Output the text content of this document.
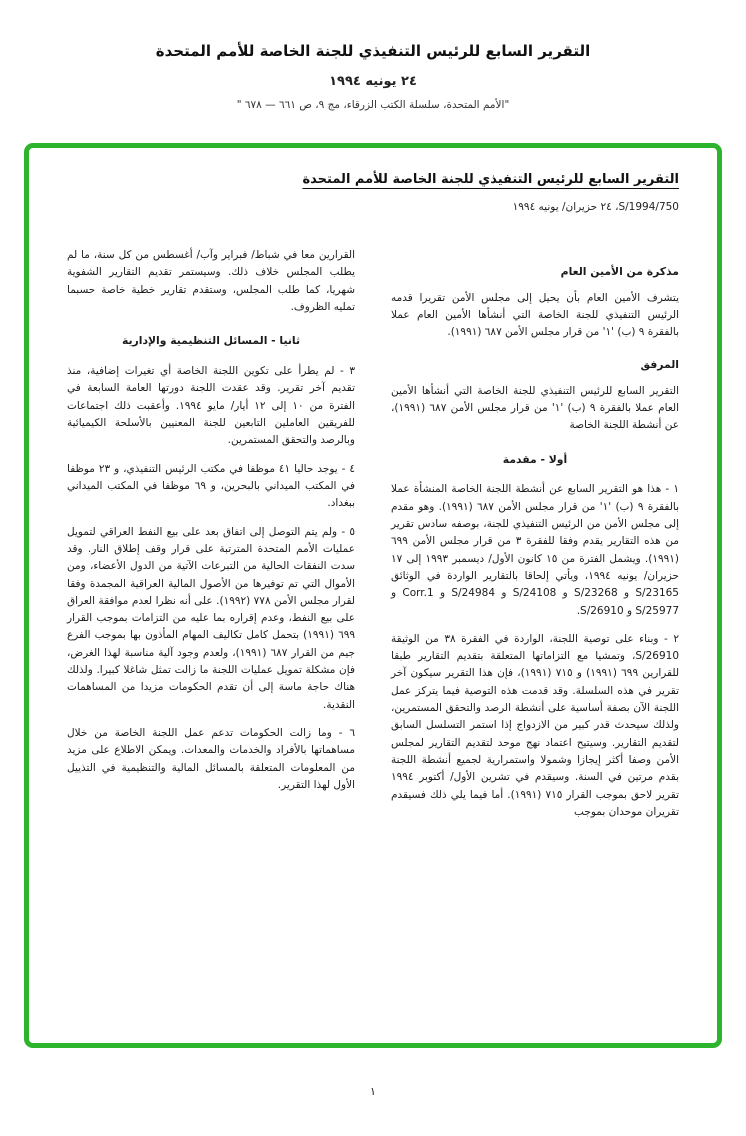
التقرير السابع للرئيس التنفيذي للجنة الخاصة للأمم المتحدة
٢٤ يونيه ١٩٩٤
"الأمم المتحدة، سلسلة الكتب الزرقاء، مج ٩، ص ٦٦١ — ٦٧٨ "
التقرير السابع للرئيس التنفيذي للجنة الخاصة للأمم المتحدة
S/1994/750، ٢٤ حزيران/ يونيه ١٩٩٤
مذكرة من الأمين العام

يتشرف الأمين العام بأن يحيل إلى مجلس الأمن تقريرا قدمه الرئيس التنفيذي للجنة الخاصة التي أنشأها الأمين العام عملا بالفقرة ٩ (ب) '١' من قرار مجلس الأمن ٦٨٧ (١٩٩١).

المرفق

التقرير السابع للرئيس التنفيذي للجنة الخاصة التي أنشأها الأمين العام عملا بالفقرة ٩ (ب) '١' من قرار مجلس الأمن ٦٨٧ (١٩٩١)، عن أنشطة اللجنة الخاصة

أولا - مقدمة

١ - هذا هو التقرير السابع عن أنشطة اللجنة الخاصة المنشأة عملا بالفقرة ٩ (ب) '١' من قرار مجلس الأمن ٦٨٧ (١٩٩١). وهو مقدم إلى مجلس الأمن من الرئيس التنفيذي للجنة، بوصفه سادس تقرير من هذه التقارير يقدم وفقا للفقرة ٣ من قرار مجلس الأمن ٦٩٩ (١٩٩١). ويشمل الفترة من ١٥ كانون الأول/ ديسمبر ١٩٩٣ إلى ١٧ حزيران/ يونيه ١٩٩٤، ويأتي إلحاقا بالتقارير الواردة في الوثائق S/23165 و S/23268 و S/24108 و S/24984 و Corr.1 و S/25977 و S/26910.

٢ - وبناء على توصية اللجنة، الواردة في الفقرة ٣٨ من الوثيقة S/26910، وتمشيا مع التزاماتها المتعلقة بتقديم التقارير طبقا للقرارين ٦٩٩ (١٩٩١) و ٧١٥ (١٩٩١)، فإن هذا التقرير سيكون آخر تقرير في هذه السلسلة. وقد قدمت هذه التوصية فيما يتركز عمل اللجنة الآن بصفة أساسية على أنشطة الرصد والتحقق المستمرين، ولذلك سيحدث قدر كبير من الازدواج إذا استمر التسلسل السابق لتقديم التقارير. وسيتيح اعتماد نهج موحد لتقديم التقارير لمجلس الأمن وصفا أكثر إيجازا وشمولا واستمرارية لجميع أنشطة اللجنة بقدم مرتين في السنة. وسيقدم في تشرين الأول/ أكتوبر ١٩٩٤ تقرير لاحق بموجب القرار ٧١٥ (١٩٩١). أما فيما يلي ذلك فسيقدم تقريران موحدان بموجب

القرارين معا في شباط/ فبراير وآب/ أغسطس من كل سنة، ما لم يطلب المجلس خلاف ذلك. وسيستمر تقديم التقارير الشفوية شهريا، كما طلب المجلس، وستقدم تقارير خطية خاصة حسبما تمليه الظروف.

ثانيا - المسائل التنظيمية والإدارية

٣ - لم يطرأ على تكوين اللجنة الخاصة أي تغيرات إضافية، منذ تقديم آخر تقرير. وقد عقدت اللجنة دورتها العامة السابعة في الفترة من ١٠ إلى ١٢ أيار/ مايو ١٩٩٤. وأعقبت ذلك اجتماعات للفريقين العاملين التابعين للجنة المعنيين بالأسلحة الكيميائية وبالرصد والتحقق المستمرين.

٤ - يوجد حاليا ٤١ موظفا في مكتب الرئيس التنفيذي، و ٢٣ موظفا في المكتب الميداني بالبحرين، و ٦٩ موظفا في المكتب الميداني ببغداد.

٥ - ولم يتم التوصل إلى اتفاق بعد على بيع النفط العراقي لتمويل عمليات الأمم المتحدة المترتبة على قرار وقف إطلاق النار. وقد سدت النفقات الحالية من التبرعات الآتية من الدول الأعضاء، ومن الأموال التي تم توفيرها من الأصول المالية العراقية المجمدة وفقا لقرار مجلس الأمن ٧٧٨ (١٩٩٢). على أنه نظرا لعدم موافقة العراق على بيع النفط، وعدم إقراره بما عليه من التزامات بموجب القرار ٦٩٩ (١٩٩١) بتحمل كامل تكاليف المهام المأذون بها بموجب الفرع جيم من القرار ٦٨٧ (١٩٩١)، ولعدم وجود آلية مناسبة لهذا الغرض، فإن مشكلة تمويل عمليات اللجنة ما زالت تمثل شاغلا كبيرا. ولذلك هناك حاجة ماسة إلى أن تقدم الحكومات مزيدا من المساهمات النقدية.

٦ - وما زالت الحكومات تدعم عمل اللجنة الخاصة من خلال مساهماتها بالأفراد والخدمات والمعدات. ويمكن الاطلاع على مزيد من المعلومات المتعلقة بالمسائل المالية والتنظيمية في التذييل الأول لهذا التقرير.

١
